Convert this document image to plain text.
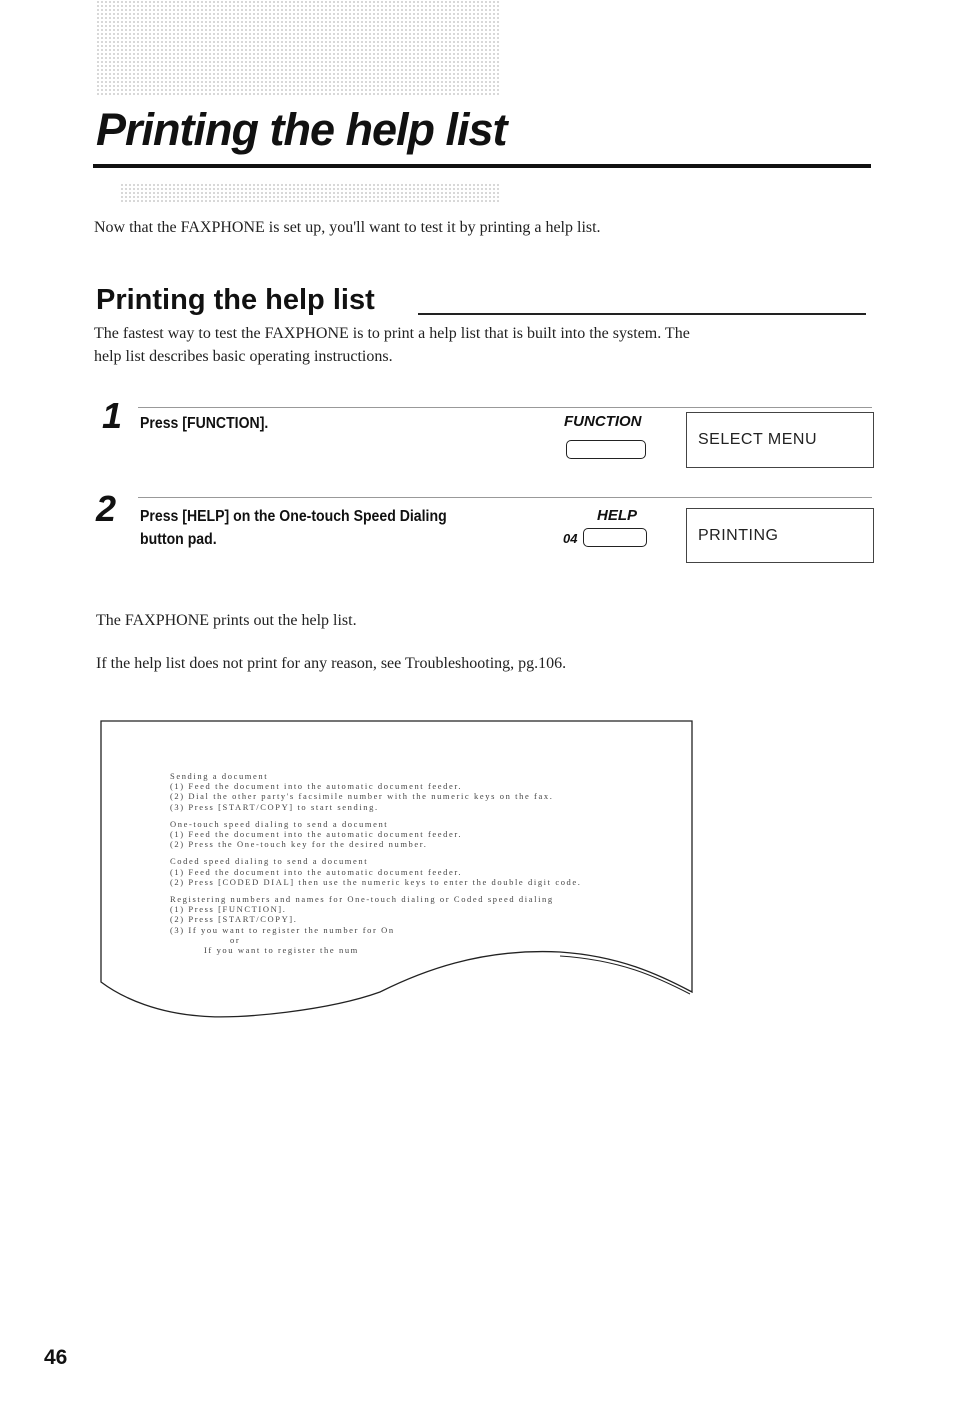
Printing the help list
Now that the FAXPHONE is set up, you'll want to test it by printing a help list.
Printing the help list

The fastest way to test the FAXPHONE is to print a help list that is built into the system. The help list describes basic operating instructions.

1 Press [FUNCTION].	FUNCTION
SELECT MENU
2 Press [HELP] on the One-touch Speed Dialing button pad.
HELP
04	PRINTING
The FAXPHONE prints out the help list.
If the help list does not print for any reason, see Troubleshooting, pg.106.
Sending a document
(1) Feed the document into the automatic document feeder.
(2) Dial the other party's facsimile number with the numeric keys on the fax.
(3) Press [START/COPY] to start sending.
One-touch speed dialing to send a document
(1) Feed the document into the automatic document feeder.
(2) Press the One-touch key for the desired number.
Coded speed dialing to send a document
(1) Feed the document into the automatic document feeder.
(2) Press [CODED DIAL] then use the numeric keys to enter the double digit code.
Registering numbers and names for One-touch dialing or Coded speed dialing
(1) Press [FUNCTION].
(2) Press [START/COPY].
(3) If you want to register the number for On
or
If you want to register the num
46
